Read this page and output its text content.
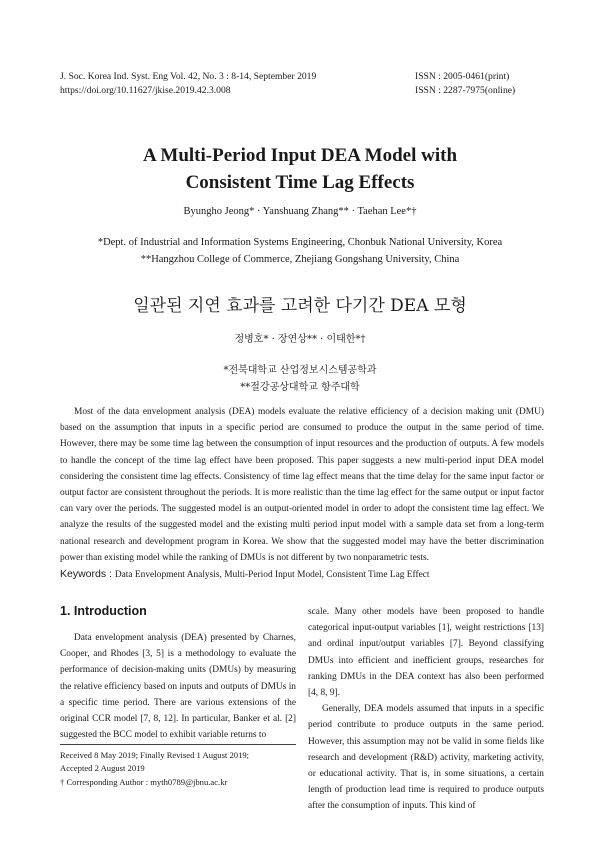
J. Soc. Korea Ind. Syst. Eng Vol. 42, No. 3 : 8-14, September 2019
https://doi.org/10.11627/jkise.2019.42.3.008
ISSN : 2005-0461(print)
ISSN : 2287-7975(online)
A Multi-Period Input DEA Model with
Consistent Time Lag Effects
Byungho Jeong* · Yanshuang Zhang** · Taehan Lee*†
*Dept. of Industrial and Information Systems Engineering, Chonbuk National University, Korea
**Hangzhou College of Commerce, Zhejiang Gongshang University, China
일관된 지연 효과를 고려한 다기간 DEA 모형
정병호* · 장연상** · 이태한*†
*전북대학교 산업정보시스템공학과
**절강공상대학교 항주대학
Most of the data envelopment analysis (DEA) models evaluate the relative efficiency of a decision making unit (DMU) based on the assumption that inputs in a specific period are consumed to produce the output in the same period of time. However, there may be some time lag between the consumption of input resources and the production of outputs. A few models to handle the concept of the time lag effect have been proposed. This paper suggests a new multi-period input DEA model considering the consistent time lag effects. Consistency of time lag effect means that the time delay for the same input factor or output factor are consistent throughout the periods. It is more realistic than the time lag effect for the same output or input factor can vary over the periods. The suggested model is an output-oriented model in order to adopt the consistent time lag effect. We analyze the results of the suggested model and the existing multi period input model with a sample data set from a long-term national research and development program in Korea. We show that the suggested model may have the better discrimination power than existing model while the ranking of DMUs is not different by two nonparametric tests.
Keywords : Data Envelopment Analysis, Multi-Period Input Model, Consistent Time Lag Effect
1. Introduction

Data envelopment analysis (DEA) presented by Charnes, Cooper, and Rhodes [3, 5] is a methodology to evaluate the performance of decision-making units (DMUs) by measuring the relative efficiency based on inputs and outputs of DMUs in a specific time period. There are various extensions of the original CCR model [7, 8, 12]. In particular, Banker et al. [2] suggested the BCC model to exhibit variable returns to

scale. Many other models have been proposed to handle categorical input-output variables [1], weight restrictions [13] and ordinal input/output variables [7]. Beyond classifying DMUs into efficient and inefficient groups, researches for ranking DMUs in the DEA context has also been performed [4, 8, 9].

Generally, DEA models assumed that inputs in a specific period contribute to produce outputs in the same period. However, this assumption may not be valid in some fields like research and development (R&D) activity, marketing activity, or educational activity. That is, in some situations, a certain length of production lead time is required to produce outputs after the consumption of inputs. This kind of

Received 8 May 2019; Finally Revised 1 August 2019;
Accepted 2 August 2019
† Corresponding Author : myth0789@jbnu.ac.kr
